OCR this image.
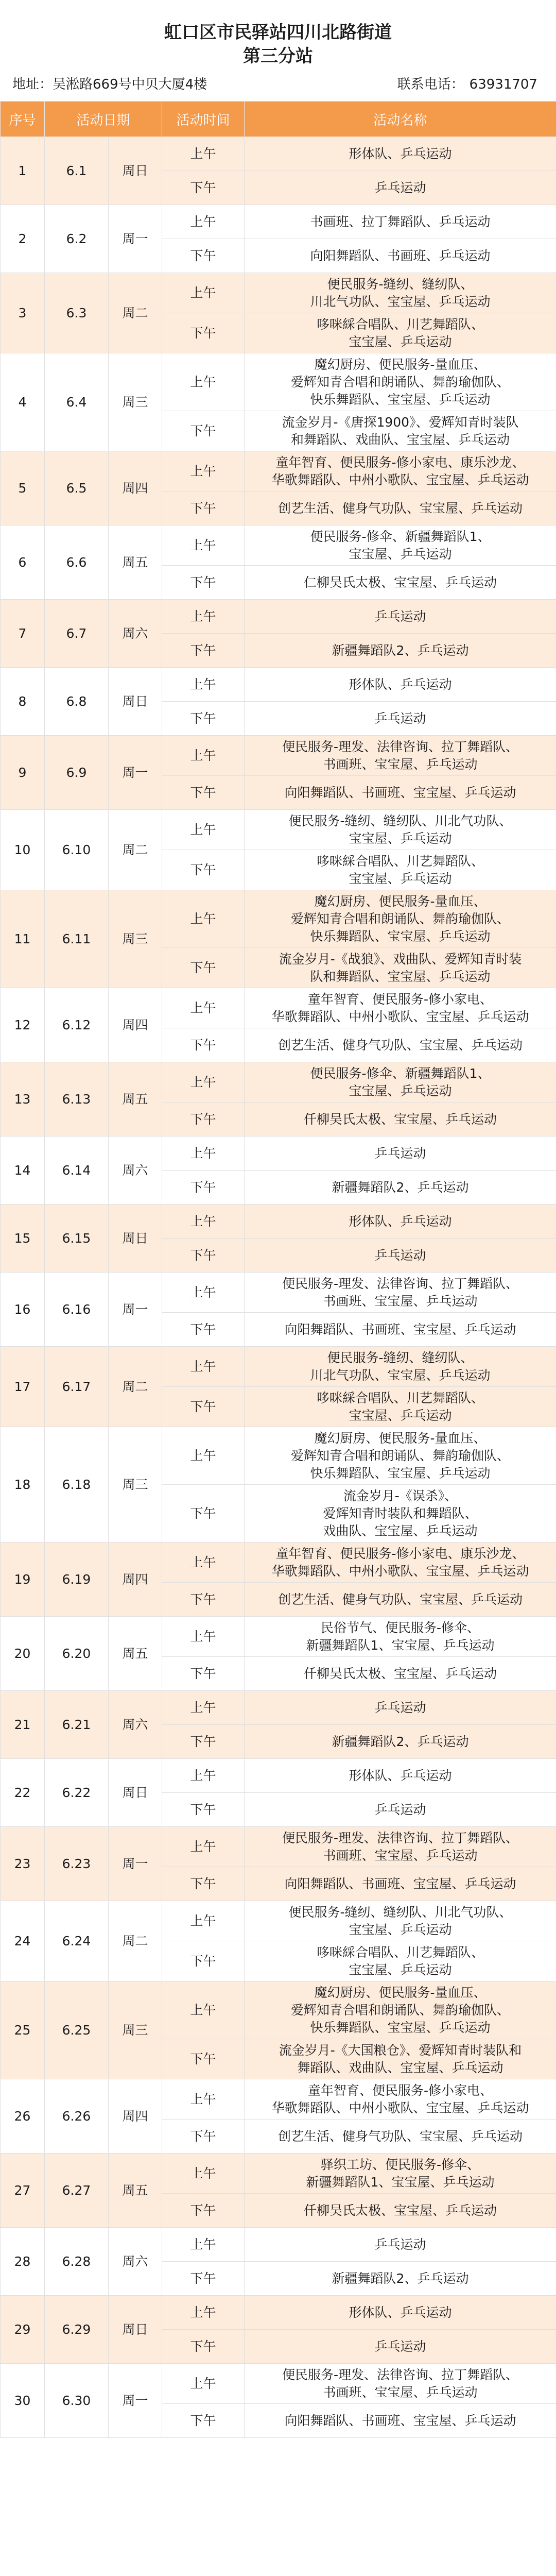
虹口区市民驿站四川北路街道
第三分站
地址：吴淞路669号中贝大厦4楼	联系电话： 63931707
序号	活动日期		活动时间	活动名称
1	6.1	周日	上午	形体队、乒乓运动
			下午	乒乓运动
2	6.2	周一	上午	书画班、拉丁舞蹈队、乒乓运动
			下午	向阳舞蹈队、书画班、乒乓运动
3	6.3	周二	上午	便民服务-缝纫、缝纫队、
川北气功队、宝宝屋、乒乓运动
			下午	哆咪綵合唱队、川艺舞蹈队、
宝宝屋、乒乓运动
4	6.4	周三	上午	魔幻厨房、便民服务-量血压、
爱辉知青合唱和朗诵队、舞韵瑜伽队、
快乐舞蹈队、宝宝屋、乒乓运动
			下午	流金岁月-《唐探1900》、爱辉知青时装队
和舞蹈队、戏曲队、宝宝屋、乒乓运动
5	6.5	周四	上午	童年智育、便民服务-修小家电、康乐沙龙、
华歌舞蹈队、中州小歌队、宝宝屋、乒乓运动
			下午	创艺生活、健身气功队、宝宝屋、乒乓运动
6	6.6	周五	上午	便民服务-修伞、新疆舞蹈队1、
宝宝屋、乒乓运动
			下午	仁柳吴氏太极、宝宝屋、乒乓运动
7	6.7	周六	上午	乒乓运动
			下午	新疆舞蹈队2、乒乓运动
8	6.8	周日	上午	形体队、乒乓运动
			下午	乒乓运动
9	6.9	周一	上午	便民服务-理发、法律咨询、拉丁舞蹈队、
书画班、宝宝屋、乒乓运动
			下午	向阳舞蹈队、书画班、宝宝屋、乒乓运动
10	6.10	周二	上午	便民服务-缝纫、缝纫队、川北气功队、
宝宝屋、乒乓运动
			下午	哆咪綵合唱队、川艺舞蹈队、
宝宝屋、乒乓运动
11	6.11	周三	上午	魔幻厨房、便民服务-量血压、
爱辉知青合唱和朗诵队、舞韵瑜伽队、
快乐舞蹈队、宝宝屋、乒乓运动
			下午	流金岁月-《战狼》、戏曲队、爱辉知青时装
队和舞蹈队、宝宝屋、乒乓运动
12	6.12	周四	上午	童年智育、便民服务-修小家电、
华歌舞蹈队、中州小歌队、宝宝屋、乒乓运动
			下午	创艺生活、健身气功队、宝宝屋、乒乓运动
13	6.13	周五	上午	便民服务-修伞、新疆舞蹈队1、
宝宝屋、乒乓运动
			下午	仟柳吴氏太极、宝宝屋、乒乓运动
14	6.14	周六	上午	乒乓运动
			下午	新疆舞蹈队2、乒乓运动
15	6.15	周日	上午	形体队、乒乓运动
			下午	乒乓运动
16	6.16	周一	上午	便民服务-理发、法律咨询、拉丁舞蹈队、
书画班、宝宝屋、乒乓运动
			下午	向阳舞蹈队、书画班、宝宝屋、乒乓运动
17	6.17	周二	上午	便民服务-缝纫、缝纫队、
川北气功队、宝宝屋、乒乓运动
			下午	哆咪綵合唱队、川艺舞蹈队、
宝宝屋、乒乓运动
18	6.18	周三	上午	魔幻厨房、便民服务-量血压、
爱辉知青合唱和朗诵队、舞韵瑜伽队、
快乐舞蹈队、宝宝屋、乒乓运动
			下午	流金岁月-《误杀》、
爱辉知青时装队和舞蹈队、
戏曲队、宝宝屋、乒乓运动
19	6.19	周四	上午	童年智育、便民服务-修小家电、康乐沙龙、
华歌舞蹈队、中州小歌队、宝宝屋、乒乓运动
			下午	创艺生活、健身气功队、宝宝屋、乒乓运动
20	6.20	周五	上午	民俗节气、便民服务-修伞、
新疆舞蹈队1、宝宝屋、乒乓运动
			下午	仟柳吴氏太极、宝宝屋、乒乓运动
21	6.21	周六	上午	乒乓运动
			下午	新疆舞蹈队2、乒乓运动
22	6.22	周日	上午	形体队、乒乓运动
			下午	乒乓运动
23	6.23	周一	上午	便民服务-理发、法律咨询、拉丁舞蹈队、
书画班、宝宝屋、乒乓运动
			下午	向阳舞蹈队、书画班、宝宝屋、乒乓运动
24	6.24	周二	上午	便民服务-缝纫、缝纫队、川北气功队、
宝宝屋、乒乓运动
			下午	哆咪綵合唱队、川艺舞蹈队、
宝宝屋、乒乓运动
25	6.25	周三	上午	魔幻厨房、便民服务-量血压、
爱辉知青合唱和朗诵队、舞韵瑜伽队、
快乐舞蹈队、宝宝屋、乒乓运动
			下午	流金岁月-《大国粮仓》、爱辉知青时装队和
舞蹈队、戏曲队、宝宝屋、乒乓运动
26	6.26	周四	上午	童年智育、便民服务-修小家电、
华歌舞蹈队、中州小歌队、宝宝屋、乒乓运动
			下午	创艺生活、健身气功队、宝宝屋、乒乓运动
27	6.27	周五	上午	驿织工坊、便民服务-修伞、
新疆舞蹈队1、宝宝屋、乒乓运动
			下午	仟柳吴氏太极、宝宝屋、乒乓运动
28	6.28	周六	上午	乒乓运动
			下午	新疆舞蹈队2、乒乓运动
29	6.29	周日	上午	形体队、乒乓运动
			下午	乒乓运动
30	6.30	周一	上午	便民服务-理发、法律咨询、拉丁舞蹈队、
书画班、宝宝屋、乒乓运动
			下午	向阳舞蹈队、书画班、宝宝屋、乒乓运动
